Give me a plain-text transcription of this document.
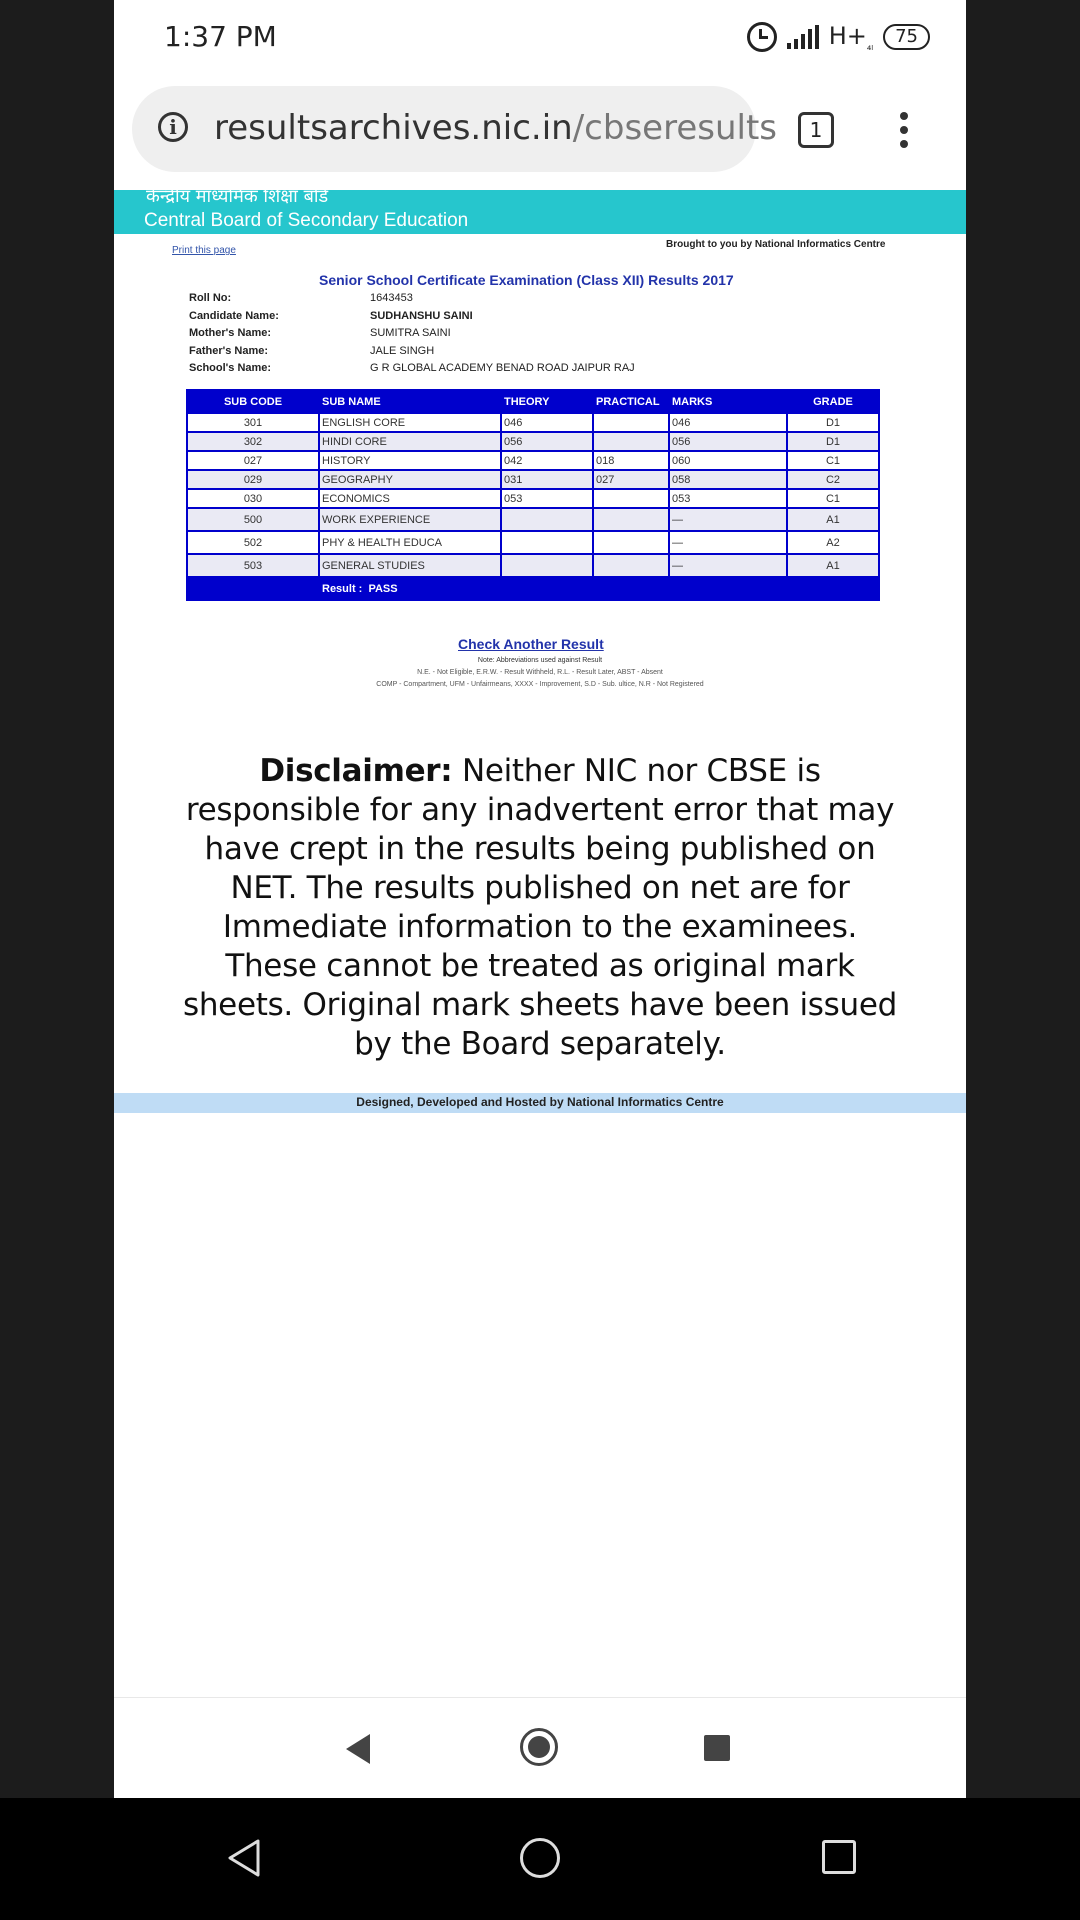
1:37 PM	$H+_{_{4l}}$	75
i	resultsarchives.nic.in/cbseresults	1
केन्द्रीय माध्यमिक शिक्षा बोर्ड
Central Board of Secondary Education
Print this page
Brought to you by National Informatics Centre
Senior School Certificate Examination (Class XII) Results 2017
Roll No:	1643453
Candidate Name:	SUDHANSHU SAINI
Mother's Name:	SUMITRA SAINI
Father's Name:	JALE SINGH
School's Name:	G R GLOBAL ACADEMY BENAD ROAD JAIPUR RAJ
SUB CODE	SUB NAME	THEORY	PRACTICAL	MARKS	GRADE
301	ENGLISH CORE	046		046	D1
302	HINDI CORE	056		056	D1
027	HISTORY	042	018	060	C1
029	GEOGRAPHY	031	027	058	C2
030	ECONOMICS	053		053	C1
500	WORK EXPERIENCE			—	A1
502	PHY & HEALTH EDUCA			—	A2
503	GENERAL STUDIES			—	A1
	Result : PASS				
Check Another Result
Note: Abbreviations used against Result
N.E. - Not Eligible, E.R.W. - Result Withheld, R.L. - Result Later, ABST - Absent
COMP - Compartment, UFM - Unfairmeans, XXXX - Improvement, S.D - Sub. ultice, N.R - Not Registered
Disclaimer: Neither NIC nor CBSE is responsible for any inadvertent error that may have crept in the results being published on NET. The results published on net are for Immediate information to the examinees. These cannot be treated as original mark sheets. Original mark sheets have been issued by the Board separately.
Designed, Developed and Hosted by National Informatics Centre
